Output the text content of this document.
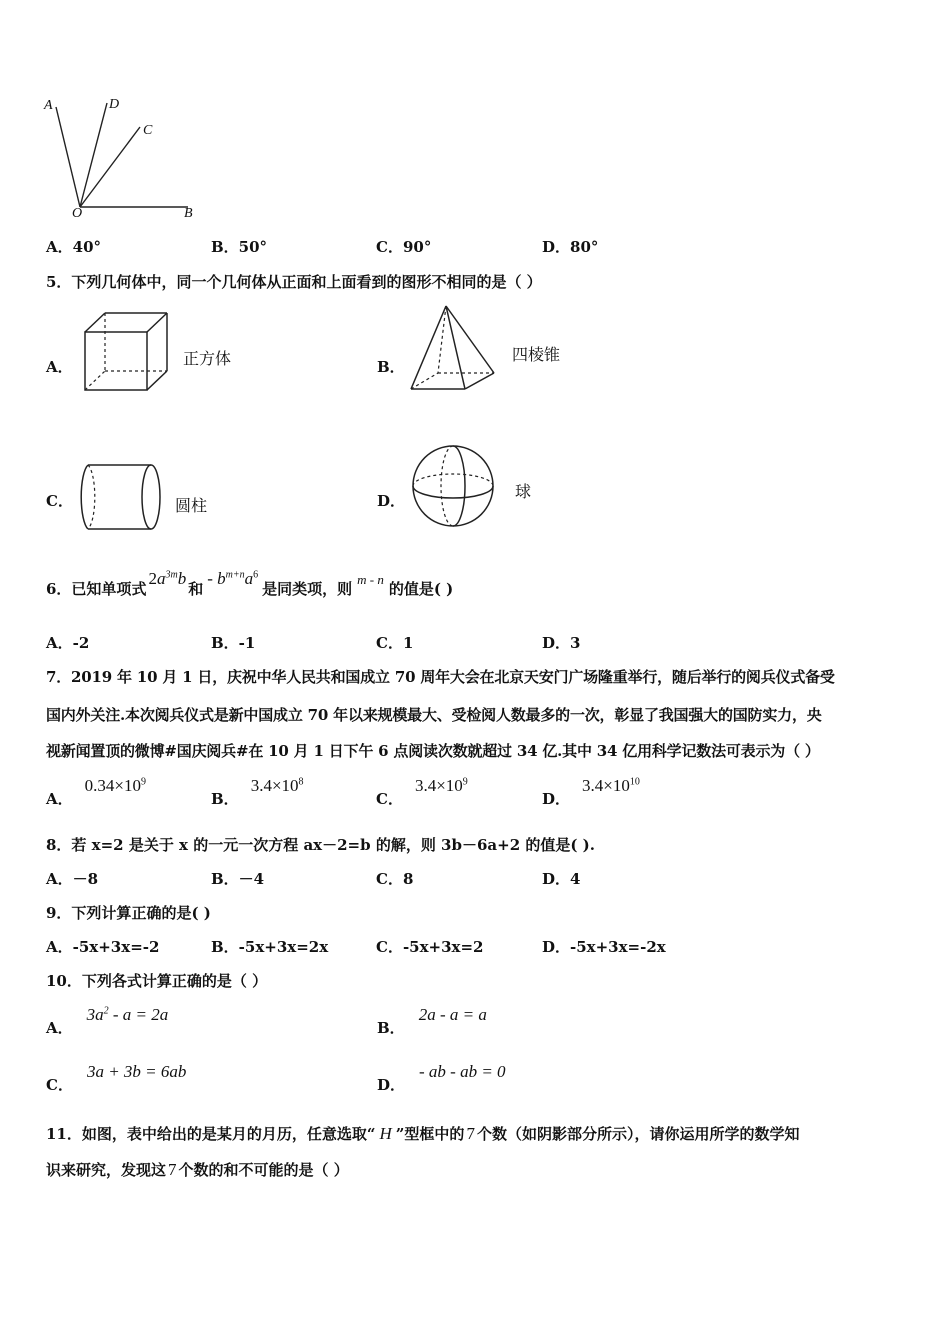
A	D
C
O	B
A．40°	B．50°	C．90°	D．80°
5．下列几何体中，同一个几何体从正面和上面看到的图形不相同的是（ ）
A．	正方体	B．
四棱锥
C．	圆柱	D．	球
6．已知单项式
$2a^{3m}b$
和
- $b^{m+n}a^6$
是同类项，则
m - n
的值是( )
A．-2	B．-1	C．1	D．3
7．2019 年 10 月 1 日，庆祝中华人民共和国成立 70 周年大会在北京天安门广场隆重举行，随后举行的阅兵仪式备受
国内外关注.本次阅兵仪式是新中国成立 70 年以来规模最大、受检阅人数最多的一次，彰显了我国强大的国防实力，央
视新闻置顶的微博#国庆阅兵#在 10 月 1 日下午 6 点阅读次数就超过 34 亿.其中 34 亿用科学记数法可表示为（ ）
A．
$0.34\times 10^9$
B．
$3.4\times 10^8$
C．
$3.4\times 10^9$
D．
$3.4\times 10^{10}$
8．若 x=2 是关于 x 的一元一次方程 ax－2=b 的解，则 3b－6a+2 的值是( ).
A．－8	B．－4	C．8	D．4
9．下列计算正确的是( )
A．-5x+3x=-2	B．-5x+3x=2x	C．-5x+3x=2	D．-5x+3x=-2x
10．下列各式计算正确的是（ ）
A．
$3a^2 - a = 2a$
B．
2a - a = a
C．
3a + 3b = 6ab
D．
- ab - ab = 0
11．如图，表中给出的是某月的月历，任意选取“ H ”型框中的 7 个数（如阴影部分所示），请你运用所学的数学知
识来研究，发现这 7 个数的和不可能的是（ ）
